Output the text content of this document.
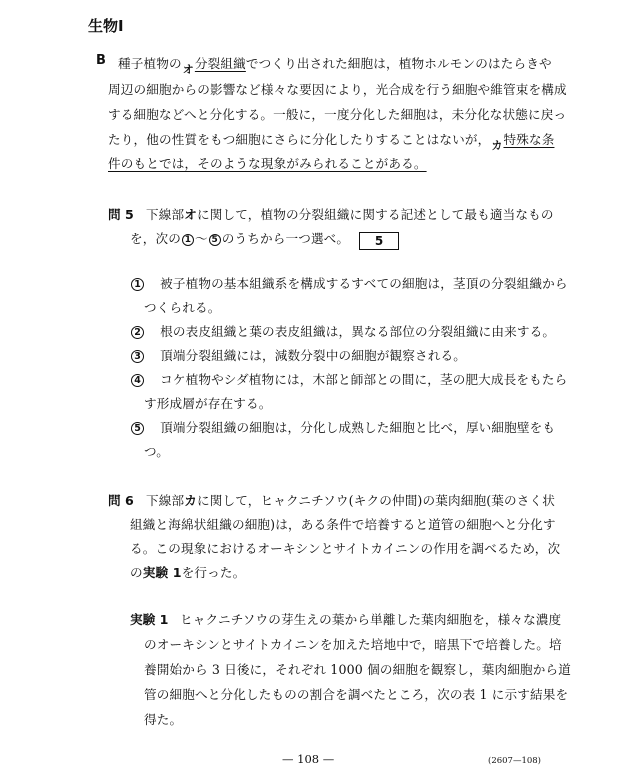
生物Ⅰ
B 種子植物のオ分裂組織でつくり出された細胞は，植物ホルモンのはたらきや
周辺の細胞からの影響など様々な要因により，光合成を行う細胞や維管束を構成
する細胞などへと分化する。一般に，一度分化した細胞は，未分化な状態に戻っ
たり，他の性質をもつ細胞にさらに分化したりすることはないが，カ特殊な条
件のもとでは，そのような現象がみられることがある。
問 5 下線部オに関して，植物の分裂組織に関する記述として最も適当なもの
を，次の 1 ～ 5 のうちから一つ選べ。 5
1 被子植物の基本組織系を構成するすべての細胞は，茎頂の分裂組織から
つくられる。
2 根の表皮組織と葉の表皮組織は，異なる部位の分裂組織に由来する。
3 頂端分裂組織には，減数分裂中の細胞が観察される。
4 コケ植物やシダ植物には，木部と師部との間に，茎の肥大成長をもたら
す形成層が存在する。
5 頂端分裂組織の細胞は，分化し成熟した細胞と比べ，厚い細胞壁をも
つ。
問 6 下線部カに関して，ヒャクニチソウ(キクの仲間)の葉肉細胞(葉のさく状
組織と海綿状組織の細胞)は，ある条件で培養すると道管の細胞へと分化す
る。この現象におけるオーキシンとサイトカイニンの作用を調べるため，次
の実験 1を行った。
実験 1 ヒャクニチソウの芽生えの葉から単離した葉肉細胞を，様々な濃度
のオーキシンとサイトカイニンを加えた培地中で，暗黒下で培養した。培
養開始から 3 日後に，それぞれ 1000 個の細胞を観察し，葉肉細胞から道
管の細胞へと分化したものの割合を調べたところ，次の表 1 に示す結果を
得た。
— 108 —	(2607—108)
